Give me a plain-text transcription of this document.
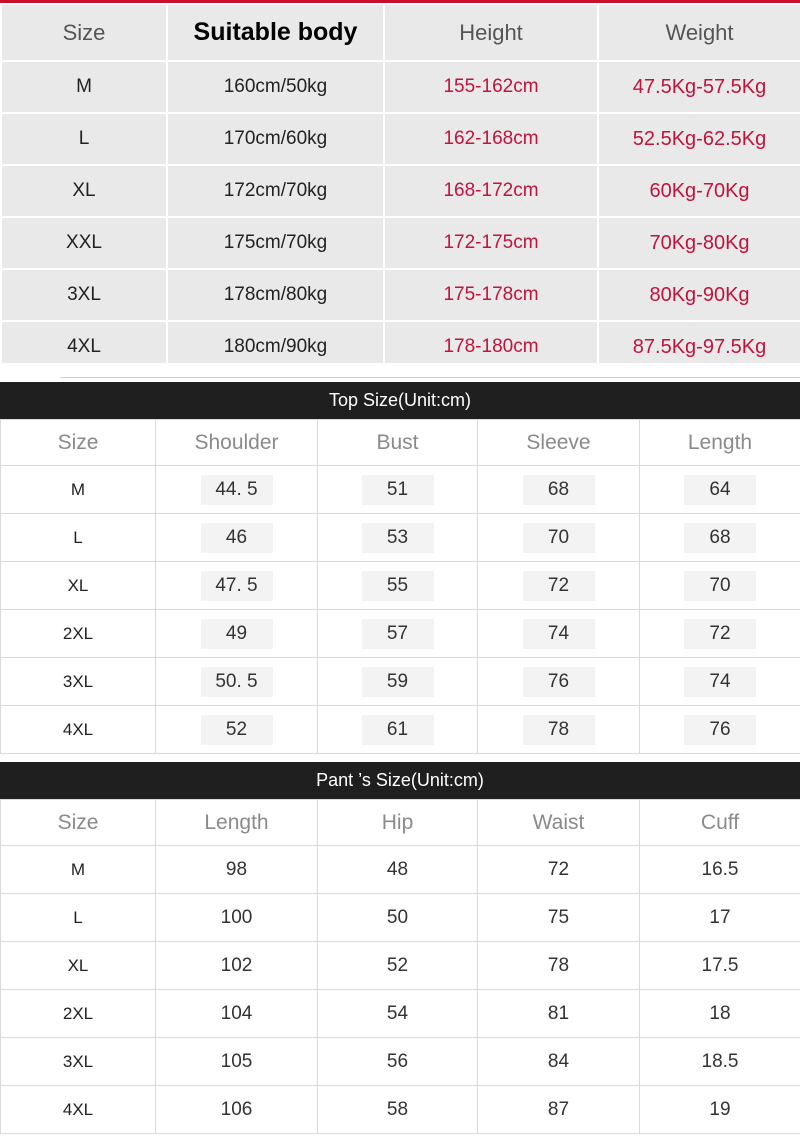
Size	Suitable body	Height	Weight
M	160cm/50kg	155-162cm	47.5Kg-57.5Kg
L	170cm/60kg	162-168cm	52.5Kg-62.5Kg
XL	172cm/70kg	168-172cm	60Kg-70Kg
XXL	175cm/70kg	172-175cm	70Kg-80Kg
3XL	178cm/80kg	175-178cm	80Kg-90Kg
4XL	180cm/90kg	178-180cm	87.5Kg-97.5Kg
Top Size(Unit:cm)
Size	Shoulder	Bust	Sleeve	Length
M	44. 5	51	68	64
L	46	53	70	68
XL	47. 5	55	72	70
2XL	49	57	74	72
3XL	50. 5	59	76	74
4XL	52	61	78	76
Pant ’s Size(Unit:cm)
Size	Length	Hip	Waist	Cuff
M	98	48	72	16.5
L	100	50	75	17
XL	102	52	78	17.5
2XL	104	54	81	18
3XL	105	56	84	18.5
4XL	106	58	87	19
